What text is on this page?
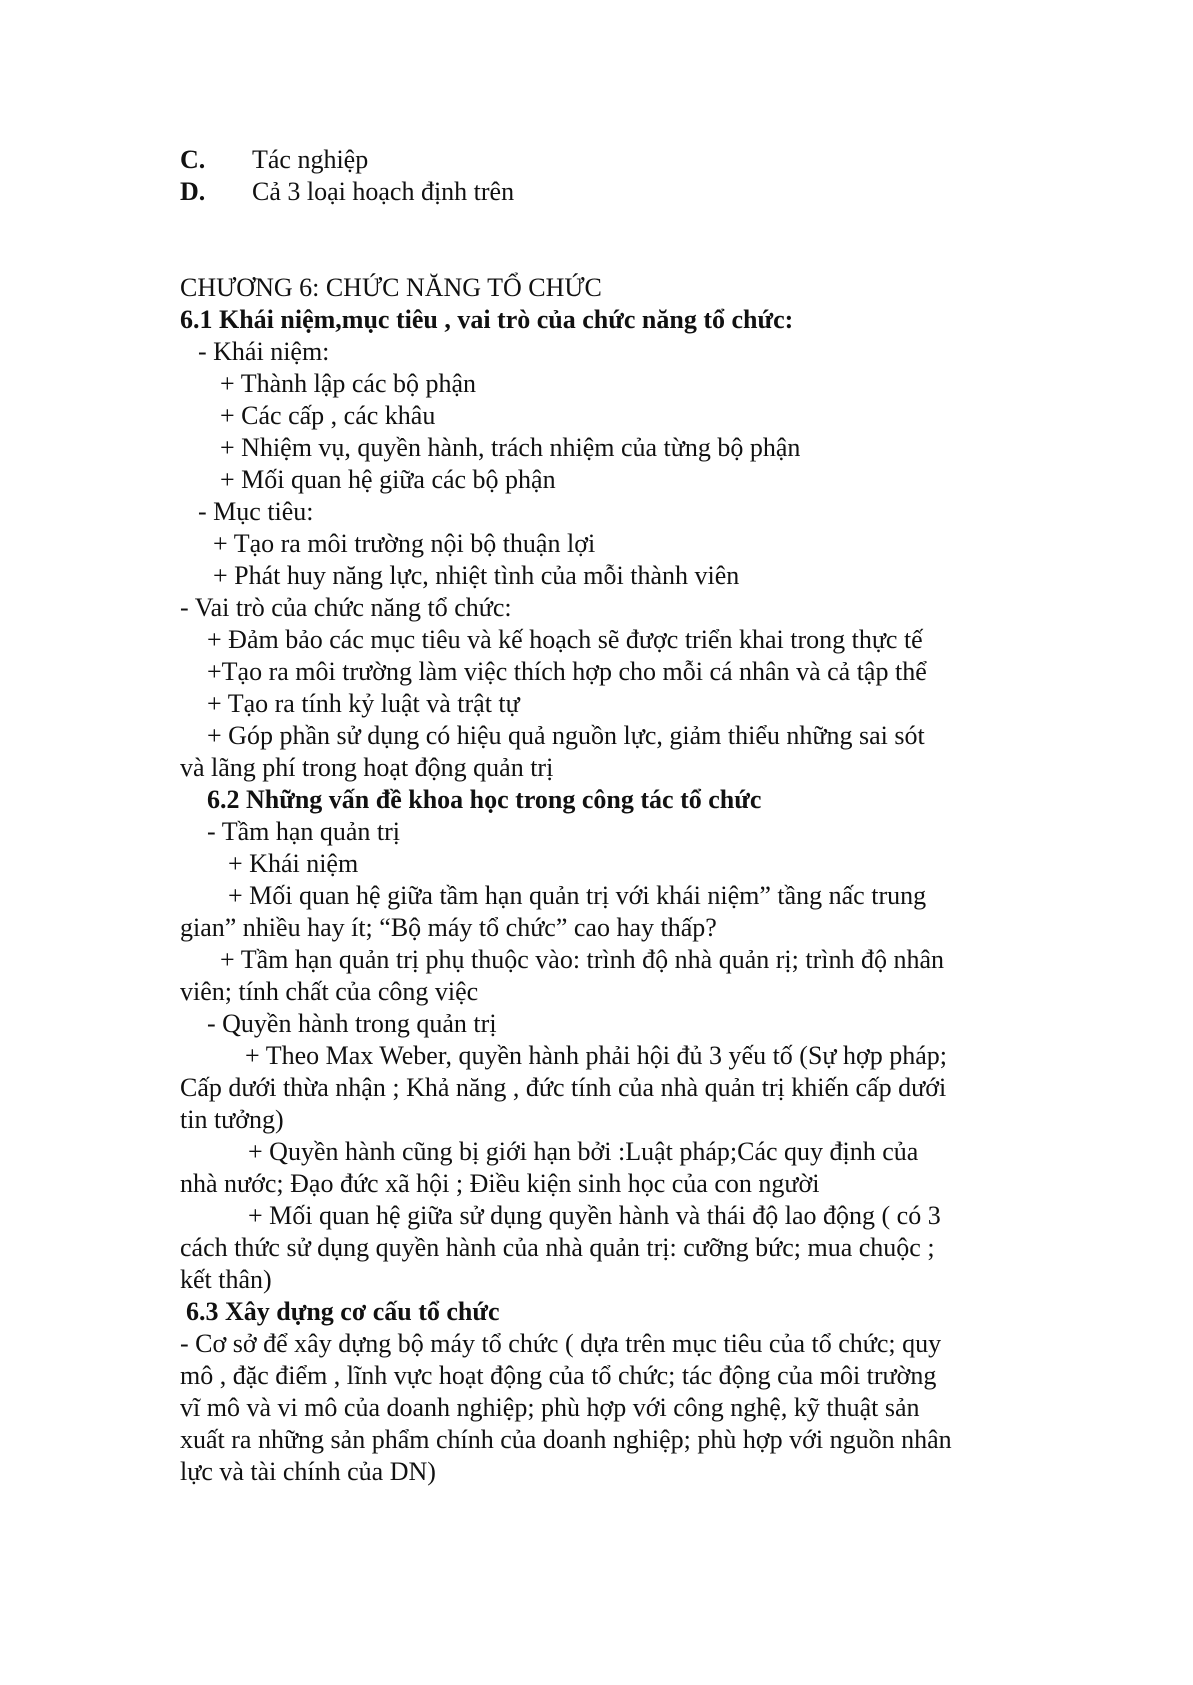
C. Tác nghiệp
D. Cả 3 loại hoạch định trên
CHƯƠNG 6: CHỨC NĂNG TỔ CHỨC
6.1 Khái niệm,mục tiêu , vai trò của chức năng tổ chức:
- Khái niệm:
+ Thành lập các bộ phận
+ Các cấp , các khâu
+ Nhiệm vụ, quyền hành, trách nhiệm của từng bộ phận
+ Mối quan hệ giữa các bộ phận
- Mục tiêu:
+ Tạo ra môi trường nội bộ thuận lợi
+ Phát huy năng lực, nhiệt tình của mỗi thành viên
- Vai trò của chức năng tổ chức:
+ Đảm bảo các mục tiêu và kế hoạch sẽ được triển khai trong thực tế
+Tạo ra môi trường làm việc thích hợp cho mỗi cá nhân và cả tập thể
+ Tạo ra tính kỷ luật và trật tự
+ Góp phần sử dụng có hiệu quả nguồn lực, giảm thiểu những sai sót
và lãng phí trong hoạt động quản trị
6.2 Những vấn đề khoa học trong công tác tổ chức
- Tầm hạn quản trị
+ Khái niệm
+ Mối quan hệ giữa tầm hạn quản trị với khái niệm” tầng nấc trung
gian” nhiều hay ít; “Bộ máy tổ chức” cao hay thấp?
+ Tầm hạn quản trị phụ thuộc vào: trình độ nhà quản rị; trình độ nhân
viên; tính chất của công việc
- Quyền hành trong quản trị
+ Theo Max Weber, quyền hành phải hội đủ 3 yếu tố (Sự hợp pháp;
Cấp dưới thừa nhận ; Khả năng , đức tính của nhà quản trị khiến cấp dưới
tin tưởng)
+ Quyền hành cũng bị giới hạn bởi :Luật pháp;Các quy định của
nhà nước; Đạo đức xã hội ; Điều kiện sinh học của con người
+ Mối quan hệ giữa sử dụng quyền hành và thái độ lao động ( có 3
cách thức sử dụng quyền hành của nhà quản trị: cưỡng bức; mua chuộc ;
kết thân)
6.3 Xây dựng cơ cấu tổ chức
- Cơ sở để xây dựng bộ máy tổ chức ( dựa trên mục tiêu của tổ chức; quy
mô , đặc điểm , lĩnh vực hoạt động của tổ chức; tác động của môi trường
vĩ mô và vi mô của doanh nghiệp; phù hợp với công nghệ, kỹ thuật sản
xuất ra những sản phẩm chính của doanh nghiệp; phù hợp với nguồn nhân
lực và tài chính của DN)
